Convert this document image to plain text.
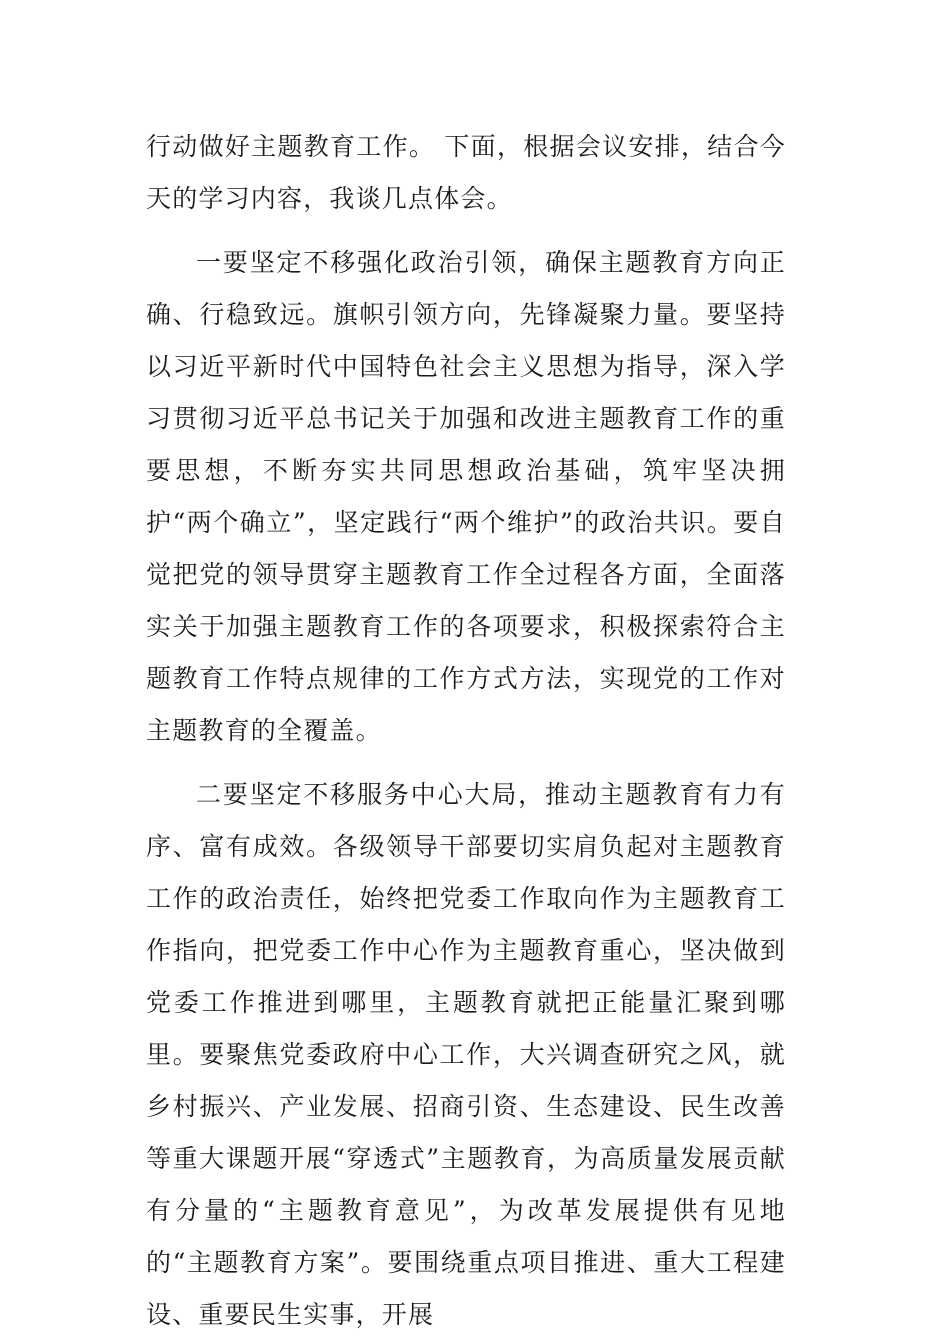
行动做好主题教育工作。 下面，根据会议安排，结合今天的学习内容，我谈几点体会。

一要坚定不移强化政治引领，确保主题教育方向正确、行稳致远。旗帜引领方向，先锋凝聚力量。要坚持以习近平新时代中国特色社会主义思想为指导，深入学习贯彻习近平总书记关于加强和改进主题教育工作的重要思想，不断夯实共同思想政治基础，筑牢坚决拥护“两个确立”，坚定践行“两个维护”的政治共识。要自觉把党的领导贯穿主题教育工作全过程各方面，全面落实关于加强主题教育工作的各项要求，积极探索符合主题教育工作特点规律的工作方式方法，实现党的工作对主题教育的全覆盖。

二要坚定不移服务中心大局，推动主题教育有力有序、富有成效。各级领导干部要切实肩负起对主题教育工作的政治责任，始终把党委工作取向作为主题教育工作指向，把党委工作中心作为主题教育重心，坚决做到党委工作推进到哪里，主题教育就把正能量汇聚到哪里。要聚焦党委政府中心工作，大兴调查研究之风，就乡村振兴、产业发展、招商引资、生态建设、民生改善等重大课题开展“穿透式”主题教育，为高质量发展贡献有分量的“主题教育意见”，为改革发展提供有见地的“主题教育方案”。要围绕重点项目推进、重大工程建设、重要民生实事，开展
